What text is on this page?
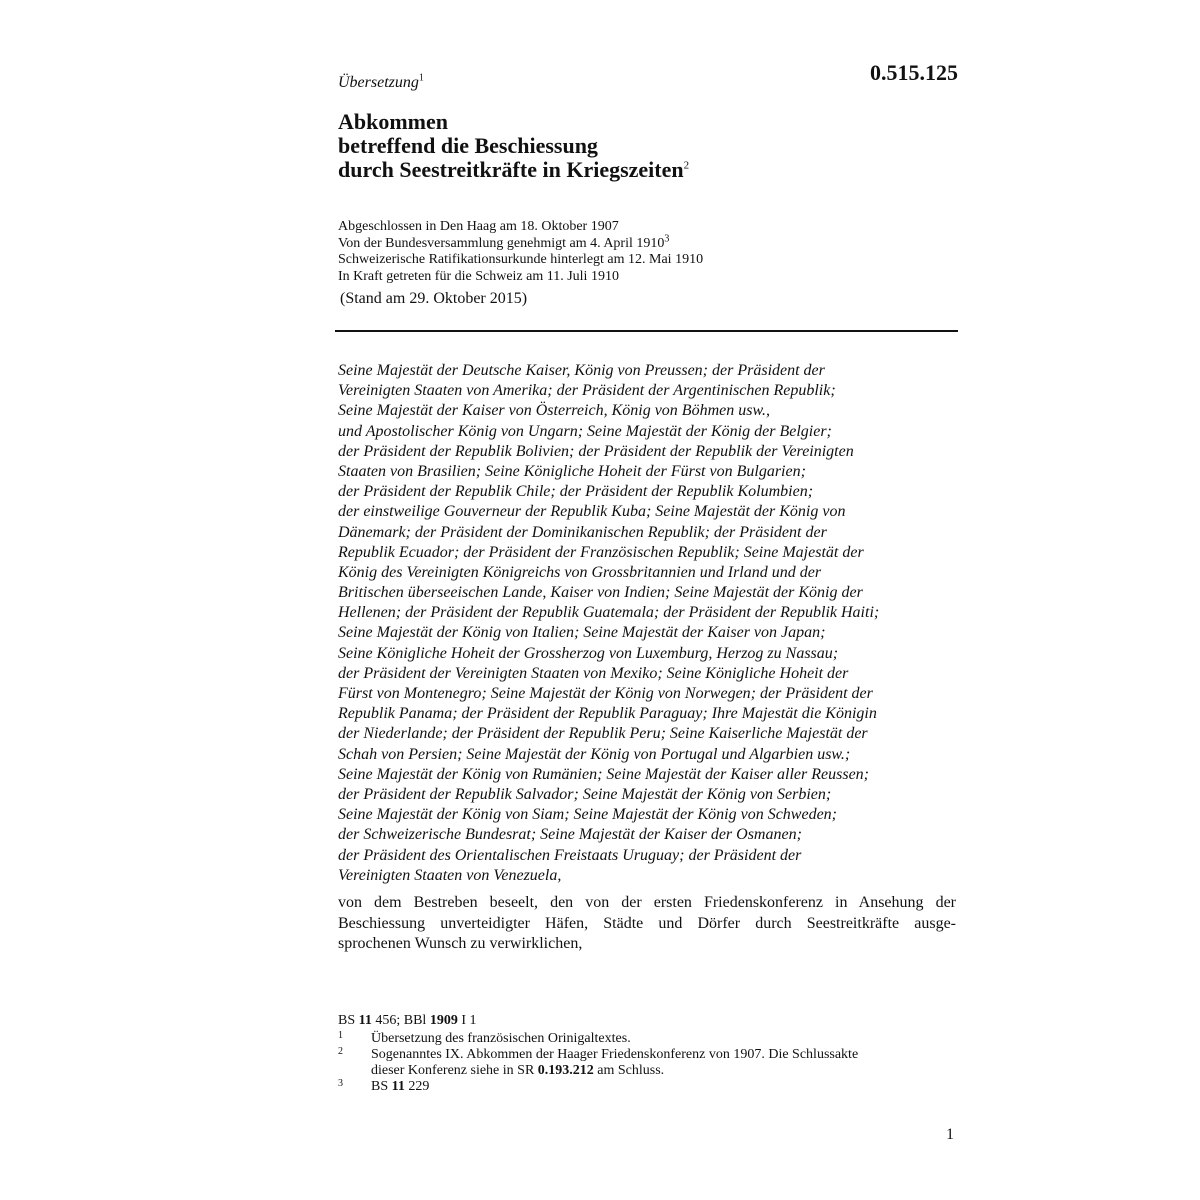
0.515.125
Übersetzung$^1$
Abkommen
betreffend die Beschiessung
durch Seestreitkräfte in Kriegszeiten$^2$
Abgeschlossen in Den Haag am 18. Oktober 1907
Von der Bundesversammlung genehmigt am 4. April 1910$^3$
Schweizerische Ratifikationsurkunde hinterlegt am 12. Mai 1910
In Kraft getreten für die Schweiz am 11. Juli 1910
(Stand am 29. Oktober 2015)
Seine Majestät der Deutsche Kaiser, König von Preussen; der Präsident der
Vereinigten Staaten von Amerika; der Präsident der Argentinischen Republik;
Seine Majestät der Kaiser von Österreich, König von Böhmen usw.,
und Apostolischer König von Ungarn; Seine Majestät der König der Belgier;
der Präsident der Republik Bolivien; der Präsident der Republik der Vereinigten
Staaten von Brasilien; Seine Königliche Hoheit der Fürst von Bulgarien;
der Präsident der Republik Chile; der Präsident der Republik Kolumbien;
der einstweilige Gouverneur der Republik Kuba; Seine Majestät der König von
Dänemark; der Präsident der Dominikanischen Republik; der Präsident der
Republik Ecuador; der Präsident der Französischen Republik; Seine Majestät der
König des Vereinigten Königreichs von Grossbritannien und Irland und der
Britischen überseeischen Lande, Kaiser von Indien; Seine Majestät der König der
Hellenen; der Präsident der Republik Guatemala; der Präsident der Republik Haiti;
Seine Majestät der König von Italien; Seine Majestät der Kaiser von Japan;
Seine Königliche Hoheit der Grossherzog von Luxemburg, Herzog zu Nassau;
der Präsident der Vereinigten Staaten von Mexiko; Seine Königliche Hoheit der
Fürst von Montenegro; Seine Majestät der König von Norwegen; der Präsident der
Republik Panama; der Präsident der Republik Paraguay; Ihre Majestät die Königin
der Niederlande; der Präsident der Republik Peru; Seine Kaiserliche Majestät der
Schah von Persien; Seine Majestät der König von Portugal und Algarbien usw.;
Seine Majestät der König von Rumänien; Seine Majestät der Kaiser aller Reussen;
der Präsident der Republik Salvador; Seine Majestät der König von Serbien;
Seine Majestät der König von Siam; Seine Majestät der König von Schweden;
der Schweizerische Bundesrat; Seine Majestät der Kaiser der Osmanen;
der Präsident des Orientalischen Freistaats Uruguay; der Präsident der
Vereinigten Staaten von Venezuela,
von dem Bestreben beseelt, den von der ersten Friedenskonferenz in Ansehung der
Beschiessung unverteidigter Häfen, Städte und Dörfer durch Seestreitkräfte ausge-
sprochenen Wunsch zu verwirklichen,
BS 11 456; BBl 1909 I 1
1 Übersetzung des französischen Orinigaltextes.
2 Sogenanntes IX. Abkommen der Haager Friedenskonferenz von 1907. Die Schlussakte
dieser Konferenz siehe in SR 0.193.212 am Schluss.
3 BS 11 229
1
